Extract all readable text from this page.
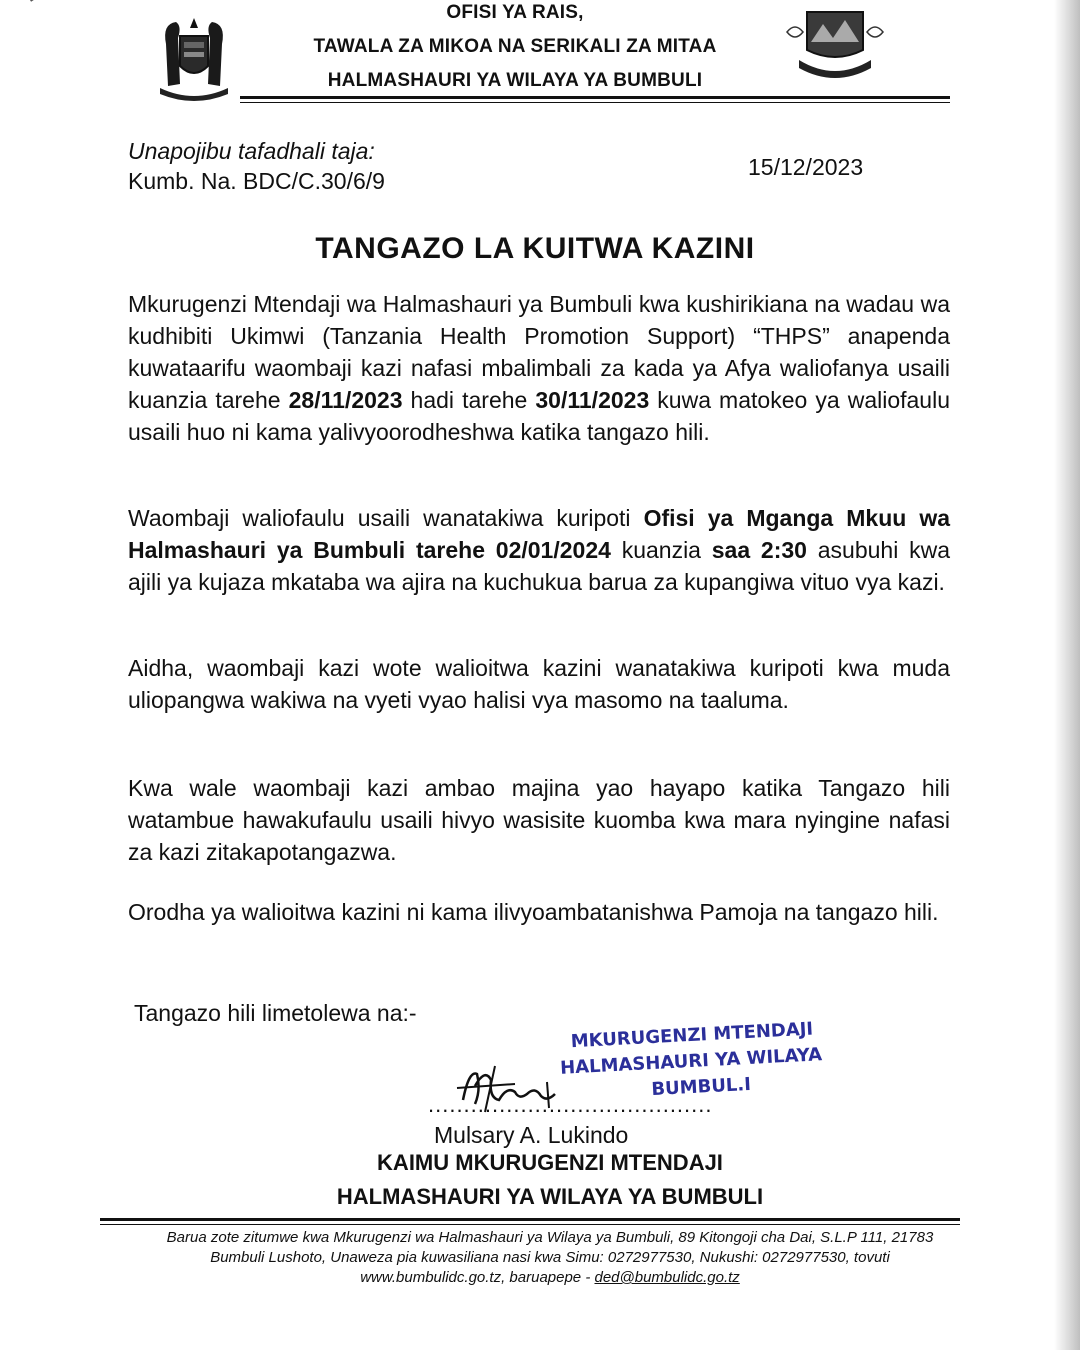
OFISI YA RAIS,
TAWALA ZA MIKOA NA SERIKALI ZA MITAA
HALMASHAURI YA WILAYA YA BUMBULI
Unapojibu tafadhali taja:
Kumb. Na. BDC/C.30/6/9
15/12/2023
TANGAZO LA KUITWA KAZINI
Mkurugenzi Mtendaji wa Halmashauri ya Bumbuli kwa kushirikiana na wadau wa kudhibiti Ukimwi (Tanzania Health Promotion Support) “THPS” anapenda kuwataarifu waombaji kazi nafasi mbalimbali za kada ya Afya waliofanya usaili kuanzia tarehe 28/11/2023 hadi tarehe 30/11/2023 kuwa matokeo ya waliofaulu usaili huo ni kama yalivyoorodheshwa katika tangazo hili.
Waombaji waliofaulu usaili wanatakiwa kuripoti Ofisi ya Mganga Mkuu wa Halmashauri ya Bumbuli tarehe 02/01/2024 kuanzia saa 2:30 asubuhi kwa ajili ya kujaza mkataba wa ajira na kuchukua barua za kupangiwa vituo vya kazi.
Aidha, waombaji kazi wote walioitwa kazini wanatakiwa kuripoti kwa muda uliopangwa wakiwa na vyeti vyao halisi vya masomo na taaluma.
Kwa wale waombaji kazi ambao majina yao hayapo katika Tangazo hili watambue hawakufaulu usaili hivyo wasisite kuomba kwa mara nyingine nafasi za kazi zitakapotangazwa.
Orodha ya walioitwa kazini ni kama ilivyoambatanishwa Pamoja na tangazo hili.
Tangazo hili limetolewa na:-
MKURUGENZI MTENDAJI
HALMASHAURI YA WILAYA
BUMBUL.I
........................................
Mulsary A. Lukindo
KAIMU MKURUGENZI MTENDAJI
HALMASHAURI YA WILAYA YA BUMBULI
Barua zote zitumwe kwa Mkurugenzi wa Halmashauri ya Wilaya ya Bumbuli, 89 Kitongoji cha Dai, S.L.P 111, 21783 Bumbuli Lushoto, Unaweza pia kuwasiliana nasi kwa Simu: 0272977530, Nukushi: 0272977530, tovuti www.bumbulidc.go.tz, baruapepe - ded@bumbulidc.go.tz
